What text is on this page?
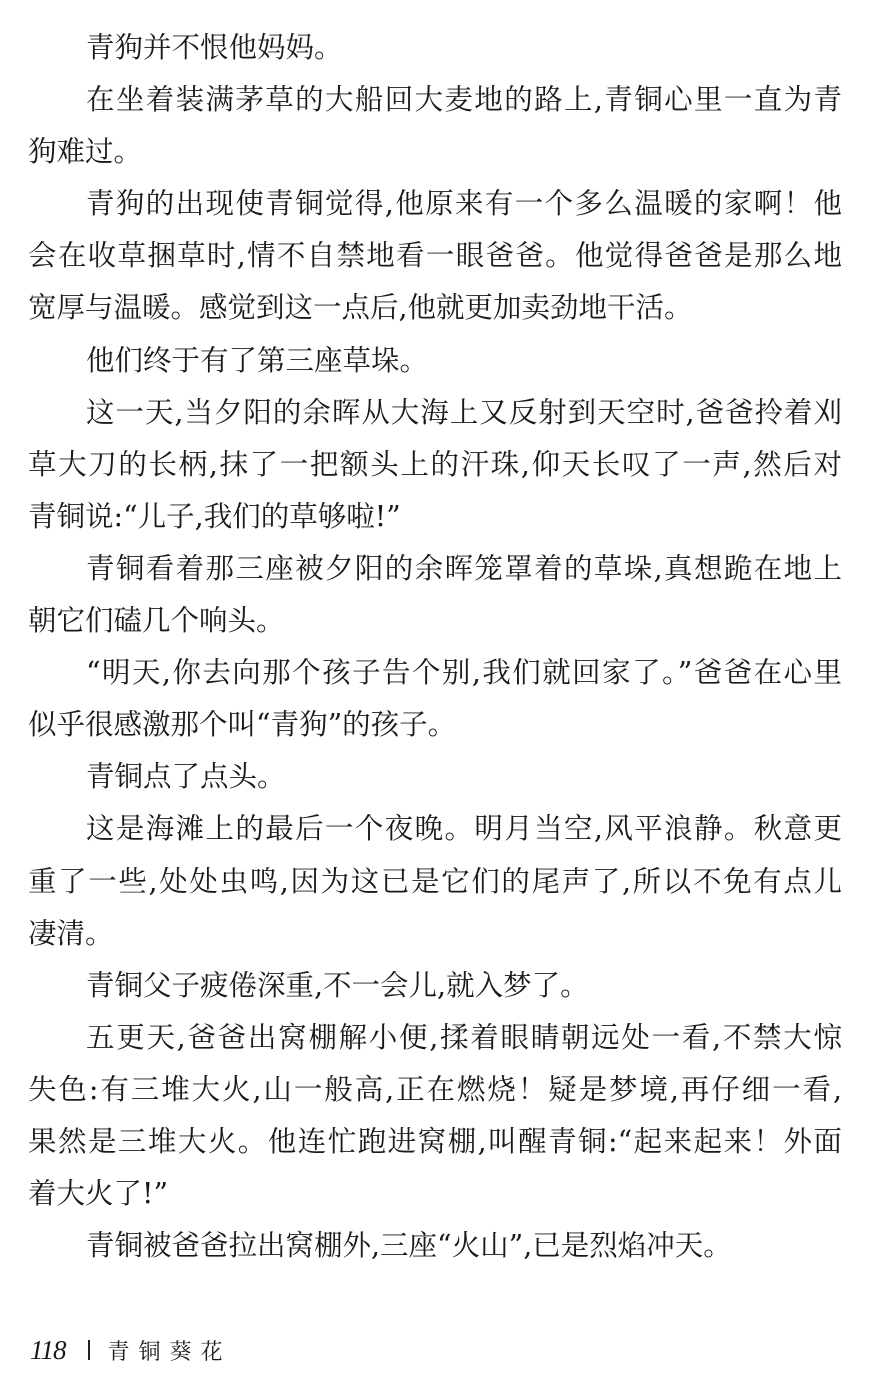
青狗并不恨他妈妈。
在坐着装满茅草的大船回大麦地的路上,青铜心里一直为青
狗难过。
青狗的出现使青铜觉得,他原来有一个多么温暖的家啊！他
会在收草捆草时,情不自禁地看一眼爸爸。他觉得爸爸是那么地
宽厚与温暖。感觉到这一点后,他就更加卖劲地干活。
他们终于有了第三座草垛。
这一天,当夕阳的余晖从大海上又反射到天空时,爸爸拎着刈
草大刀的长柄,抹了一把额头上的汗珠,仰天长叹了一声,然后对
青铜说:“儿子,我们的草够啦!”
青铜看着那三座被夕阳的余晖笼罩着的草垛,真想跪在地上
朝它们磕几个响头。
“明天,你去向那个孩子告个别,我们就回家了。”爸爸在心里
似乎很感激那个叫“青狗”的孩子。
青铜点了点头。
这是海滩上的最后一个夜晚。明月当空,风平浪静。秋意更
重了一些,处处虫鸣,因为这已是它们的尾声了,所以不免有点儿
凄清。
青铜父子疲倦深重,不一会儿,就入梦了。
五更天,爸爸出窝棚解小便,揉着眼睛朝远处一看,不禁大惊
失色:有三堆大火,山一般高,正在燃烧！疑是梦境,再仔细一看,
果然是三堆大火。他连忙跑进窝棚,叫醒青铜:“起来起来！外面
着大火了!”
青铜被爸爸拉出窝棚外,三座“火山”,已是烈焰冲天。
118 青铜葵花
